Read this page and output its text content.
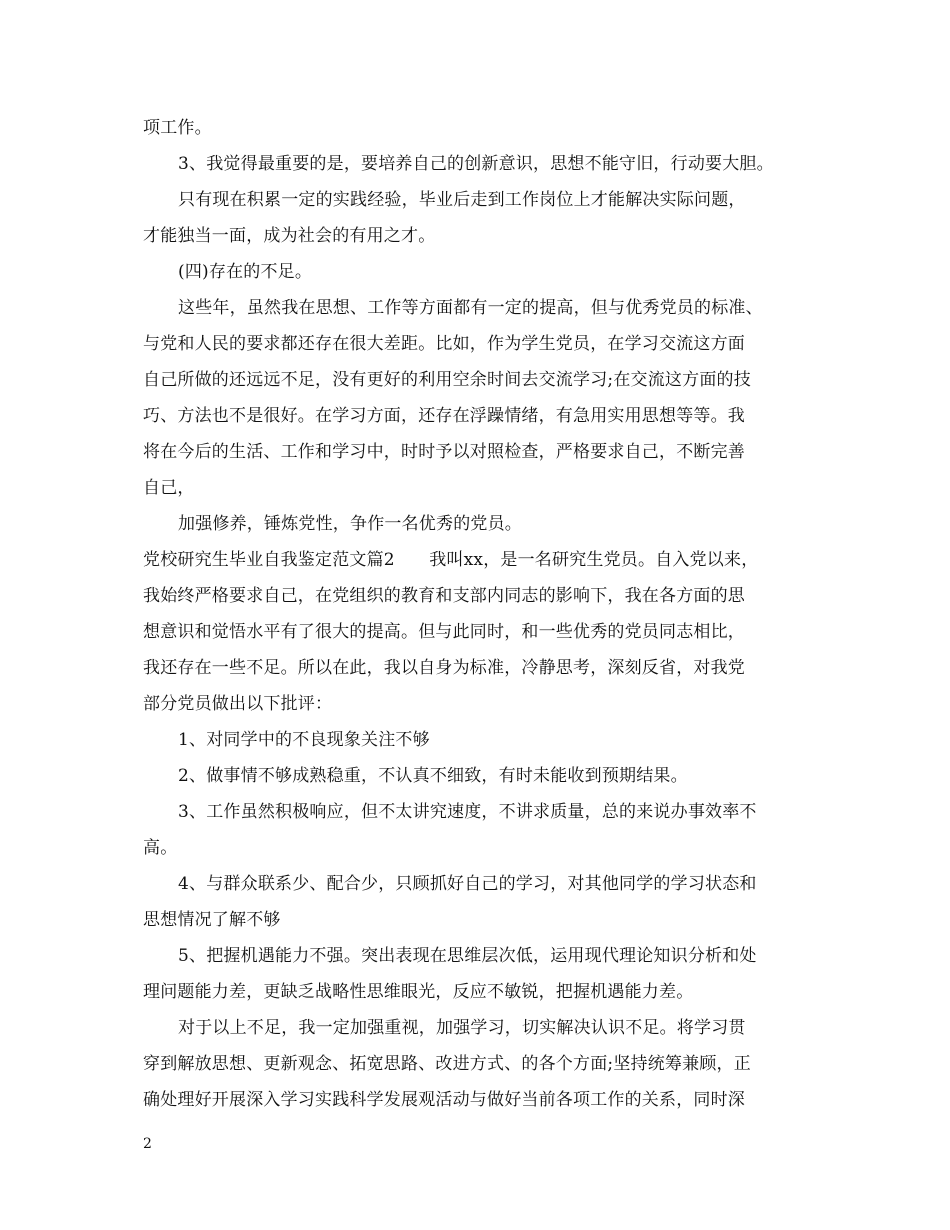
项工作。
3、我觉得最重要的是，要培养自己的创新意识，思想不能守旧，行动要大胆。
只有现在积累一定的实践经验，毕业后走到工作岗位上才能解决实际问题，
才能独当一面，成为社会的有用之才。
(四)存在的不足。
这些年，虽然我在思想、工作等方面都有一定的提高，但与优秀党员的标准、
与党和人民的要求都还存在很大差距。比如，作为学生党员，在学习交流这方面
自己所做的还远远不足，没有更好的利用空余时间去交流学习;在交流这方面的技
巧、方法也不是很好。在学习方面，还存在浮躁情绪，有急用实用思想等等。我
将在今后的生活、工作和学习中，时时予以对照检查，严格要求自己，不断完善
自己，
加强修养，锤炼党性，争作一名优秀的党员。
党校研究生毕业自我鉴定范文篇2　　我叫xx，是一名研究生党员。自入党以来，
我始终严格要求自己，在党组织的教育和支部内同志的影响下，我在各方面的思
想意识和觉悟水平有了很大的提高。但与此同时，和一些优秀的党员同志相比，
我还存在一些不足。所以在此，我以自身为标准，冷静思考，深刻反省，对我党
部分党员做出以下批评：
1、对同学中的不良现象关注不够
2、做事情不够成熟稳重，不认真不细致，有时未能收到预期结果。
3、工作虽然积极响应，但不太讲究速度，不讲求质量，总的来说办事效率不
高。
4、与群众联系少、配合少，只顾抓好自己的学习，对其他同学的学习状态和
思想情况了解不够
5、把握机遇能力不强。突出表现在思维层次低，运用现代理论知识分析和处
理问题能力差，更缺乏战略性思维眼光，反应不敏锐，把握机遇能力差。
对于以上不足，我一定加强重视，加强学习，切实解决认识不足。将学习贯
穿到解放思想、更新观念、拓宽思路、改进方式、的各个方面;坚持统筹兼顾，正
确处理好开展深入学习实践科学发展观活动与做好当前各项工作的关系，同时深
2
